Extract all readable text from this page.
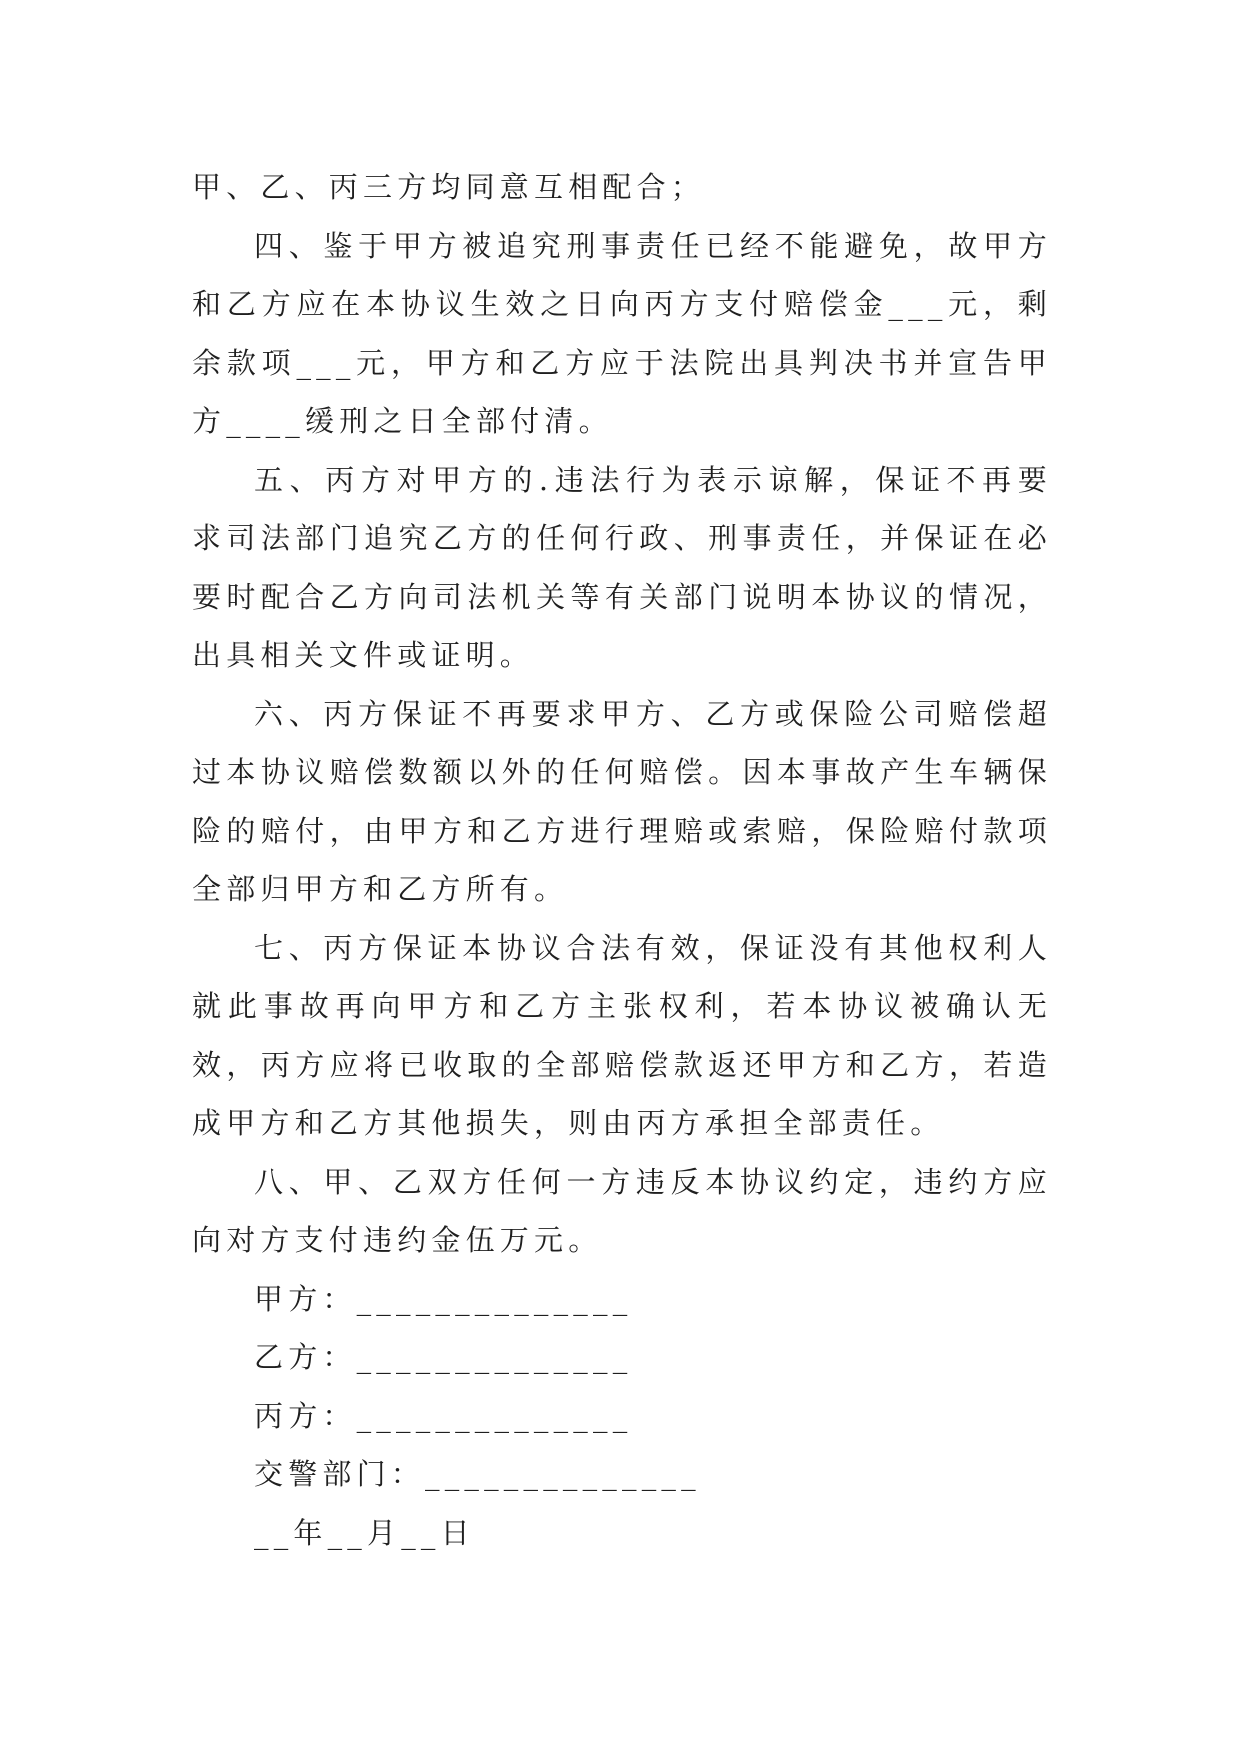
甲、乙、丙三方均同意互相配合；

四、鉴于甲方被追究刑事责任已经不能避免，故甲方和乙方应在本协议生效之日向丙方支付赔偿金___元，剩余款项___元，甲方和乙方应于法院出具判决书并宣告甲方____缓刑之日全部付清。

五、丙方对甲方的.违法行为表示谅解，保证不再要求司法部门追究乙方的任何行政、刑事责任，并保证在必要时配合乙方向司法机关等有关部门说明本协议的情况，出具相关文件或证明。

六、丙方保证不再要求甲方、乙方或保险公司赔偿超过本协议赔偿数额以外的任何赔偿。因本事故产生车辆保险的赔付，由甲方和乙方进行理赔或索赔，保险赔付款项全部归甲方和乙方所有。

七、丙方保证本协议合法有效，保证没有其他权利人就此事故再向甲方和乙方主张权利，若本协议被确认无效，丙方应将已收取的全部赔偿款返还甲方和乙方，若造成甲方和乙方其他损失，则由丙方承担全部责任。

八、甲、乙双方任何一方违反本协议约定，违约方应向对方支付违约金伍万元。

甲方：______________

乙方：______________

丙方：______________

交警部门：______________

__年__月__日
